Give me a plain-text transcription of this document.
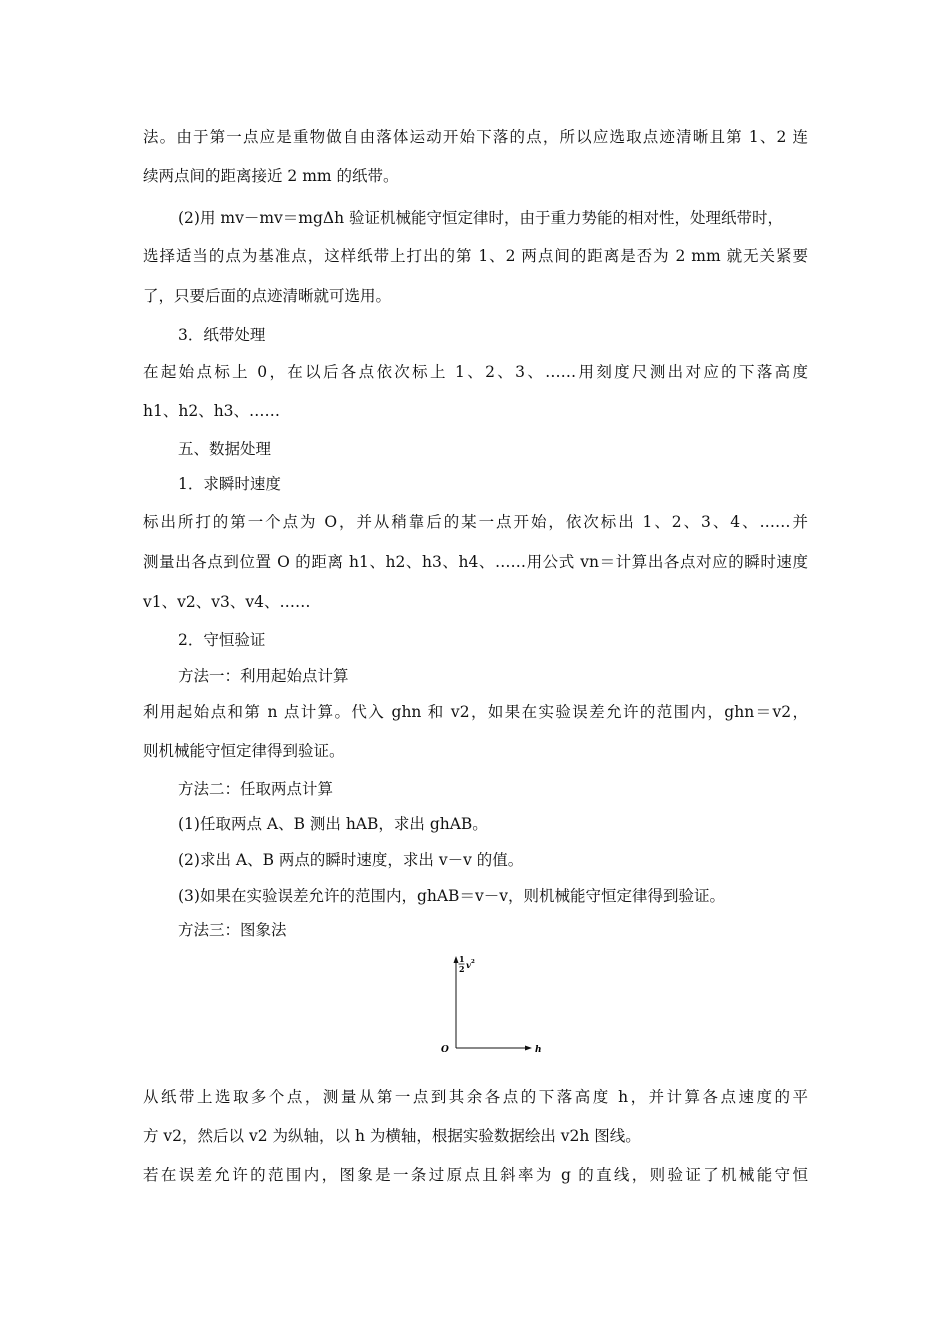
法。由于第一点应是重物做自由落体运动开始下落的点，所以应选取点迹清晰且第 1、2 连
续两点间的距离接近 2 mm 的纸带。
(2)用 mv－mv＝mgΔh 验证机械能守恒定律时，由于重力势能的相对性，处理纸带时，
选择适当的点为基准点，这样纸带上打出的第 1、2 两点间的距离是否为 2 mm 就无关紧要
了，只要后面的点迹清晰就可选用。
3．纸带处理
在起始点标上 0，在以后各点依次标上 1、2、3、……用刻度尺测出对应的下落高度
h1、h2、h3、……
五、数据处理
1．求瞬时速度
标出所打的第一个点为 O，并从稍靠后的某一点开始，依次标出 1、2、3、4、……并
测量出各点到位置 O 的距离 h1、h2、h3、h4、……用公式 vn＝计算出各点对应的瞬时速度
v1、v2、v3、v4、……
2．守恒验证
方法一：利用起始点计算
利用起始点和第 n 点计算。代入 ghn 和 v2，如果在实验误差允许的范围内，ghn＝v2，
则机械能守恒定律得到验证。
方法二：任取两点计算
(1)任取两点 A、B 测出 hAB，求出 ghAB。
(2)求出 A、B 两点的瞬时速度，求出 v－v 的值。
(3)如果在实验误差允许的范围内，ghAB＝v－v，则机械能守恒定律得到验证。
方法三：图象法
1
2 v 2
O	h
从纸带上选取多个点，测量从第一点到其余各点的下落高度 h，并计算各点速度的平
方 v2，然后以 v2 为纵轴，以 h 为横轴，根据实验数据绘出 v2h 图线。
若在误差允许的范围内，图象是一条过原点且斜率为 g 的直线，则验证了机械能守恒
